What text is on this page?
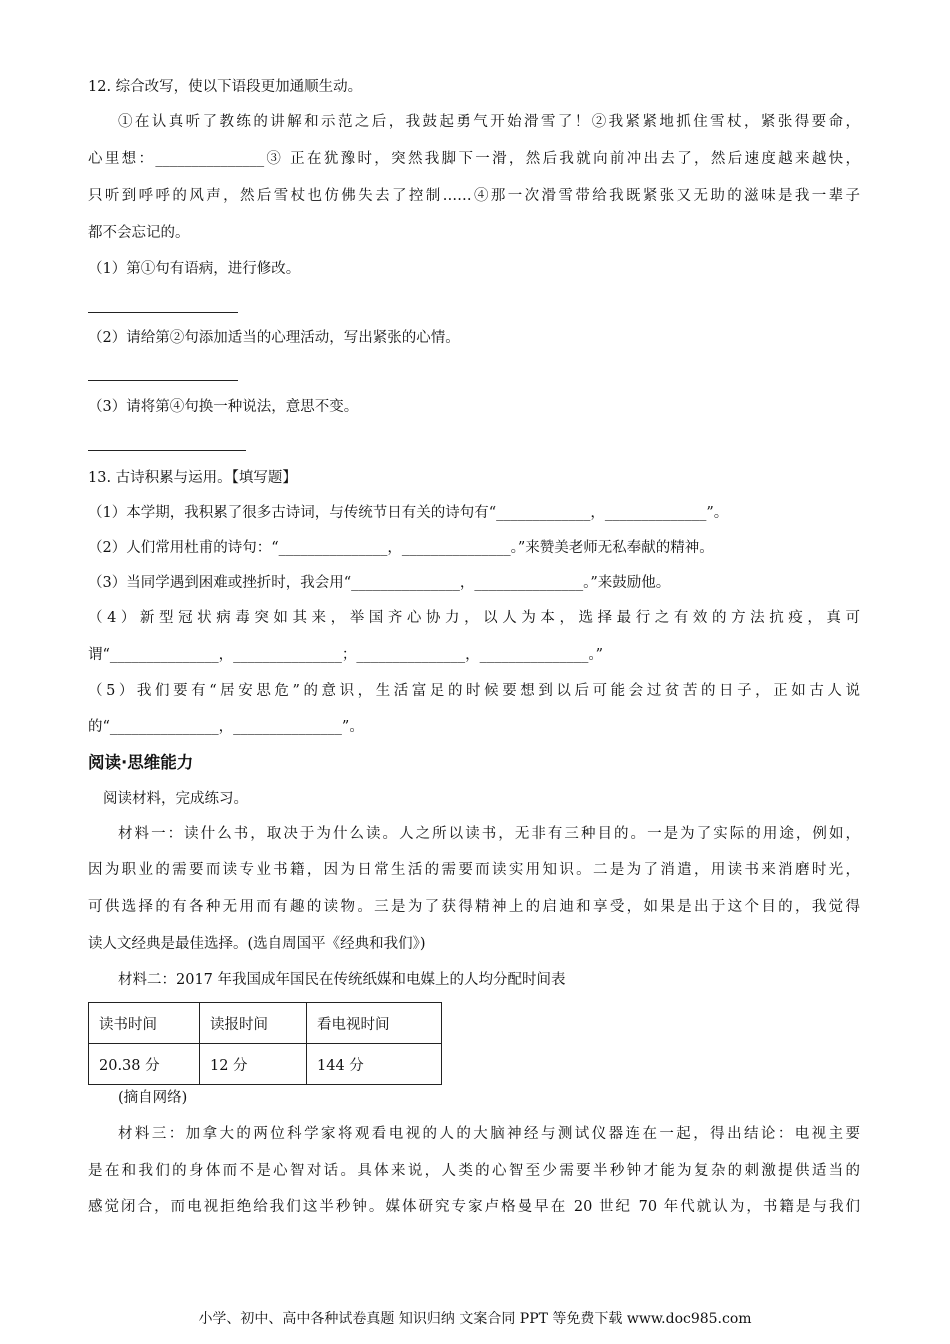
12. 综合改写，使以下语段更加通顺生动。
①在认真听了教练的讲解和示范之后，我鼓起勇气开始滑雪了！②我紧紧地抓住雪杖，紧张得要命，
心里想：_______________③ 正在犹豫时，突然我脚下一滑，然后我就向前冲出去了，然后速度越来越快，
只听到呼呼的风声，然后雪杖也仿佛失去了控制……④那一次滑雪带给我既紧张又无助的滋味是我一辈子
都不会忘记的。
（1）第①句有语病，进行修改。
（2）请给第②句添加适当的心理活动，写出紧张的心情。
（3）请将第④句换一种说法，意思不变。
13. 古诗积累与运用。【填写题】
（1）本学期，我积累了很多古诗词，与传统节日有关的诗句有“_____________，______________”。
（2）人们常用杜甫的诗句：“_______________，_______________。”来赞美老师无私奉献的精神。
（3）当同学遇到困难或挫折时，我会用“_______________，_______________。”来鼓励他。
（4）新型冠状病毒突如其来，举国齐心协力，以人为本，选择最行之有效的方法抗疫，真可
谓“_______________，_______________；_______________，_______________。”
（5）我们要有“居安思危”的意识，生活富足的时候要想到以后可能会过贫苦的日子，正如古人说
的“_______________，_______________”。
阅读·思维能力
阅读材料，完成练习。
材料一：读什么书，取决于为什么读。人之所以读书，无非有三种目的。一是为了实际的用途，例如，
因为职业的需要而读专业书籍，因为日常生活的需要而读实用知识。二是为了消遣，用读书来消磨时光，
可供选择的有各种无用而有趣的读物。三是为了获得精神上的启迪和享受，如果是出于这个目的，我觉得
读人文经典是最佳选择。(选自周国平《经典和我们》)
材料二：2017 年我国成年国民在传统纸媒和电媒上的人均分配时间表
读书时间	读报时间	看电视时间
20.38 分	12 分	144 分
(摘自网络)
材料三：加拿大的两位科学家将观看电视的人的大脑神经与测试仪器连在一起，得出结论：电视主要
是在和我们的身体而不是心智对话。具体来说，人类的心智至少需要半秒钟才能为复杂的刺激提供适当的
感觉闭合，而电视拒绝给我们这半秒钟。媒体研究专家卢格曼早在 20 世纪 70 年代就认为，书籍是与我们
小学、初中、高中各种试卷真题 知识归纳 文案合同 PPT 等免费下载 www.doc985.com
